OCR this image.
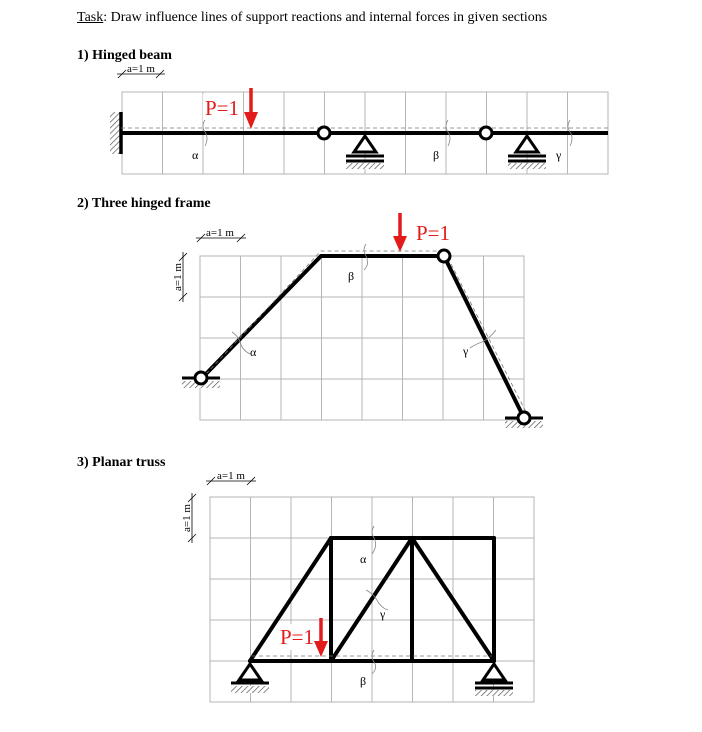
Task: Draw influence lines of support reactions and internal forces in given sections
1) Hinged beam
2) Three hinged frame
3) Planar truss
a=1 m
P=1
α	β	γ
a=1 m
a=1 m
P=1
α
β
γ
a=1 m
a=1 m
P=1
α
γ
β
